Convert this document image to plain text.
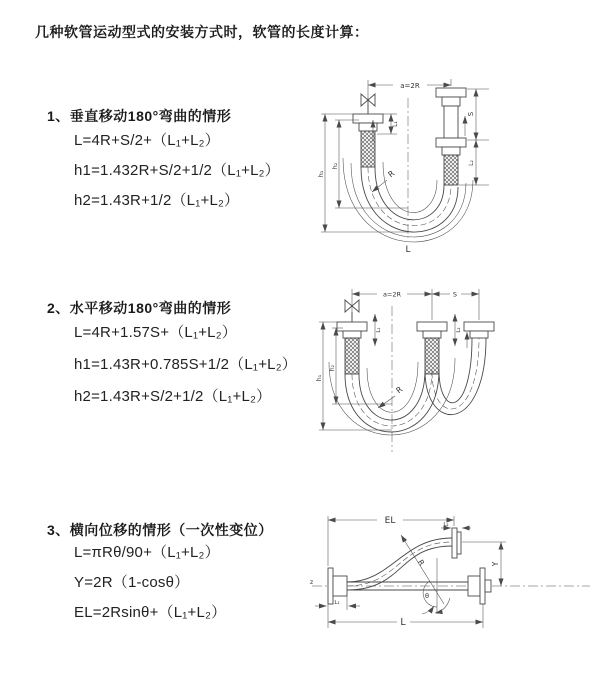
几种软管运动型式的安装方式时，软管的长度计算：
1、垂直移动180°弯曲的情形
L=4R+S/2+（L₁+L₂）
h1=1.432R+S/2+1/2（L₁+L₂）
h2=1.43R+1/2（L₁+L₂）
2、水平移动180°弯曲的情形
L=4R+1.57S+（L₁+L₂）
h1=1.43R+0.785S+1/2（L₁+L₂）
h2=1.43R+S/2+1/2（L₁+L₂）
3、横向位移的情形（一次性变位）
L=πRθ/90+（L₁+L₂）
Y=2R（1-cosθ）
EL=2Rsinθ+（L₁+L₂）
a=2R
S
L₂
L₁
h₁
h₂
R
L
a=2R	S
L₁	L₂
h₁
h₂
R
z
EL	L₂
Y
R
θ
L
L₁
